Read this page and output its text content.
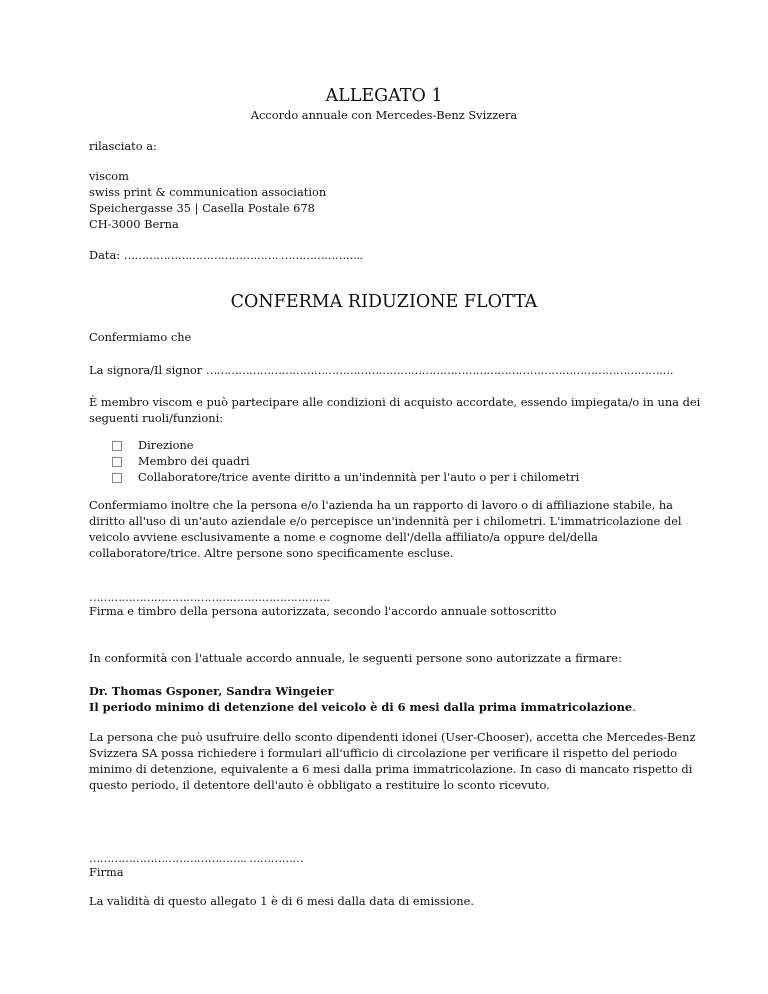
ALLEGATO 1
Accordo annuale con Mercedes-Benz Svizzera
rilasciato a:
viscom
swiss print & communication association
Speichergasse 35 | Casella Postale 678
CH-3000 Berna
Data: ……………………………………. …………………..
CONFERMA RIDUZIONE FLOTTA
Confermiamo che
La signora/Il signor ………………………………………………………………………………………………………………….
È membro viscom e può partecipare alle condizioni di acquisto accordate, essendo impiegata/o in una dei
seguenti ruoli/funzioni:
Direzione
Membro dei quadri
Collaboratore/trice avente diritto a un'indennità per l'auto o per i chilometri
Confermiamo inoltre che la persona e/o l'azienda ha un rapporto di lavoro o di affiliazione stabile, ha
diritto all'uso di un'auto aziendale e/o percepisce un'indennità per i chilometri. L'immatricolazione del
veicolo avviene esclusivamente a nome e cognome dell'/della affiliato/a oppure del/della
collaboratore/trice. Altre persone sono specificamente escluse.
………………………………………………………….
Firma e timbro della persona autorizzata, secondo l'accordo annuale sottoscritto
In conformità con l'attuale accordo annuale, le seguenti persone sono autorizzate a firmare:
Dr. Thomas Gsponer, Sandra Wingeier
Il periodo minimo di detenzione del veicolo è di 6 mesi dalla prima immatricolazione.
La persona che può usufruire dello sconto dipendenti idonei (User-Chooser), accetta che Mercedes-Benz
Svizzera SA possa richiedere i formulari all'ufficio di circolazione per verificare il rispetto del periodo
minimo di detenzione, equivalente a 6 mesi dalla prima immatricolazione. In caso di mancato rispetto di
questo periodo, il detentore dell'auto è obbligato a restituire lo sconto ricevuto.
…………………………………….. ……………
Firma
La validità di questo allegato 1 è di 6 mesi dalla data di emissione.
